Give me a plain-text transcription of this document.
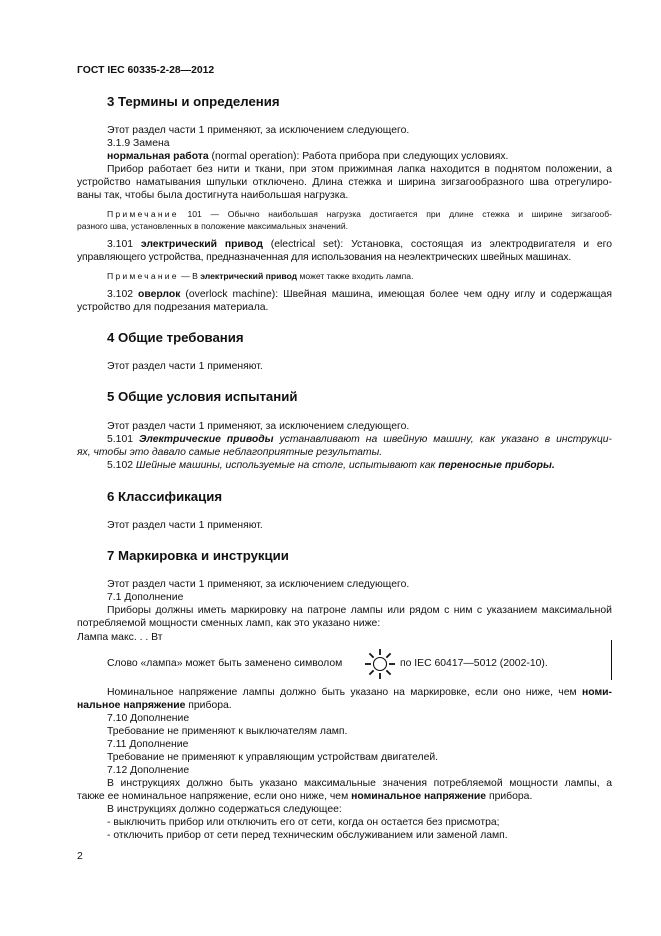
ГОСТ IEC 60335-2-28—2012
3 Термины и определения
Этот раздел части 1 применяют, за исключением следующего.
3.1.9 Замена
нормальная работа (normal operation): Работа прибора при следующих условиях.
Прибор работает без нити и ткани, при этом прижимная лапка находится в поднятом положении, а
устройство наматывания шпульки отключено. Длина стежка и ширина зигзагообразного шва отрегулиро-
ваны так, чтобы была достигнута наибольшая нагрузка.
Примечание 101 — Обычно наибольшая нагрузка достигается при длине стежка и ширине зигзагооб-
разного шва, установленных в положение максимальных значений.
3.101 электрический привод (electrical set): Установка, состоящая из электродвигателя и его
управляющего устройства, предназначенная для использования на неэлектрических швейных машинах.
Примечание — В электрический привод может также входить лампа.
3.102 оверлок (overlock machine): Швейная машина, имеющая более чем одну иглу и содержащая
устройство для подрезания материала.
4 Общие требования
Этот раздел части 1 применяют.
5 Общие условия испытаний
Этот раздел части 1 применяют, за исключением следующего.
5.101 Электрические приводы устанавливают на швейную машину, как указано в инструкци-
ях, чтобы это давало самые неблагоприятные результаты.
5.102 Шейные машины, используемые на столе, испытывают как переносные приборы.
6 Классификация
Этот раздел части 1 применяют.
7 Маркировка и инструкции
Этот раздел части 1 применяют, за исключением следующего.
7.1 Дополнение
Приборы должны иметь маркировку на патроне лампы или рядом с ним с указанием максимальной
потребляемой мощности сменных ламп, как это указано ниже:
Лампа макс. . . Вт
Слово «лампа» может быть заменено символом	по IEC 60417—5012 (2002-10).
Номинальное напряжение лампы должно быть указано на маркировке, если оно ниже, чем номи-
нальное напряжение прибора.
7.10 Дополнение
Требование не применяют к выключателям ламп.
7.11 Дополнение
Требование не применяют к управляющим устройствам двигателей.
7.12 Дополнение
В инструкциях должно быть указано максимальные значения потребляемой мощности лампы, а
также ее номинальное напряжение, если оно ниже, чем номинальное напряжение прибора.
В инструкциях должно содержаться следующее:
- выключить прибор или отключить его от сети, когда он остается без присмотра;
- отключить прибор от сети перед техническим обслуживанием или заменой ламп.
2
